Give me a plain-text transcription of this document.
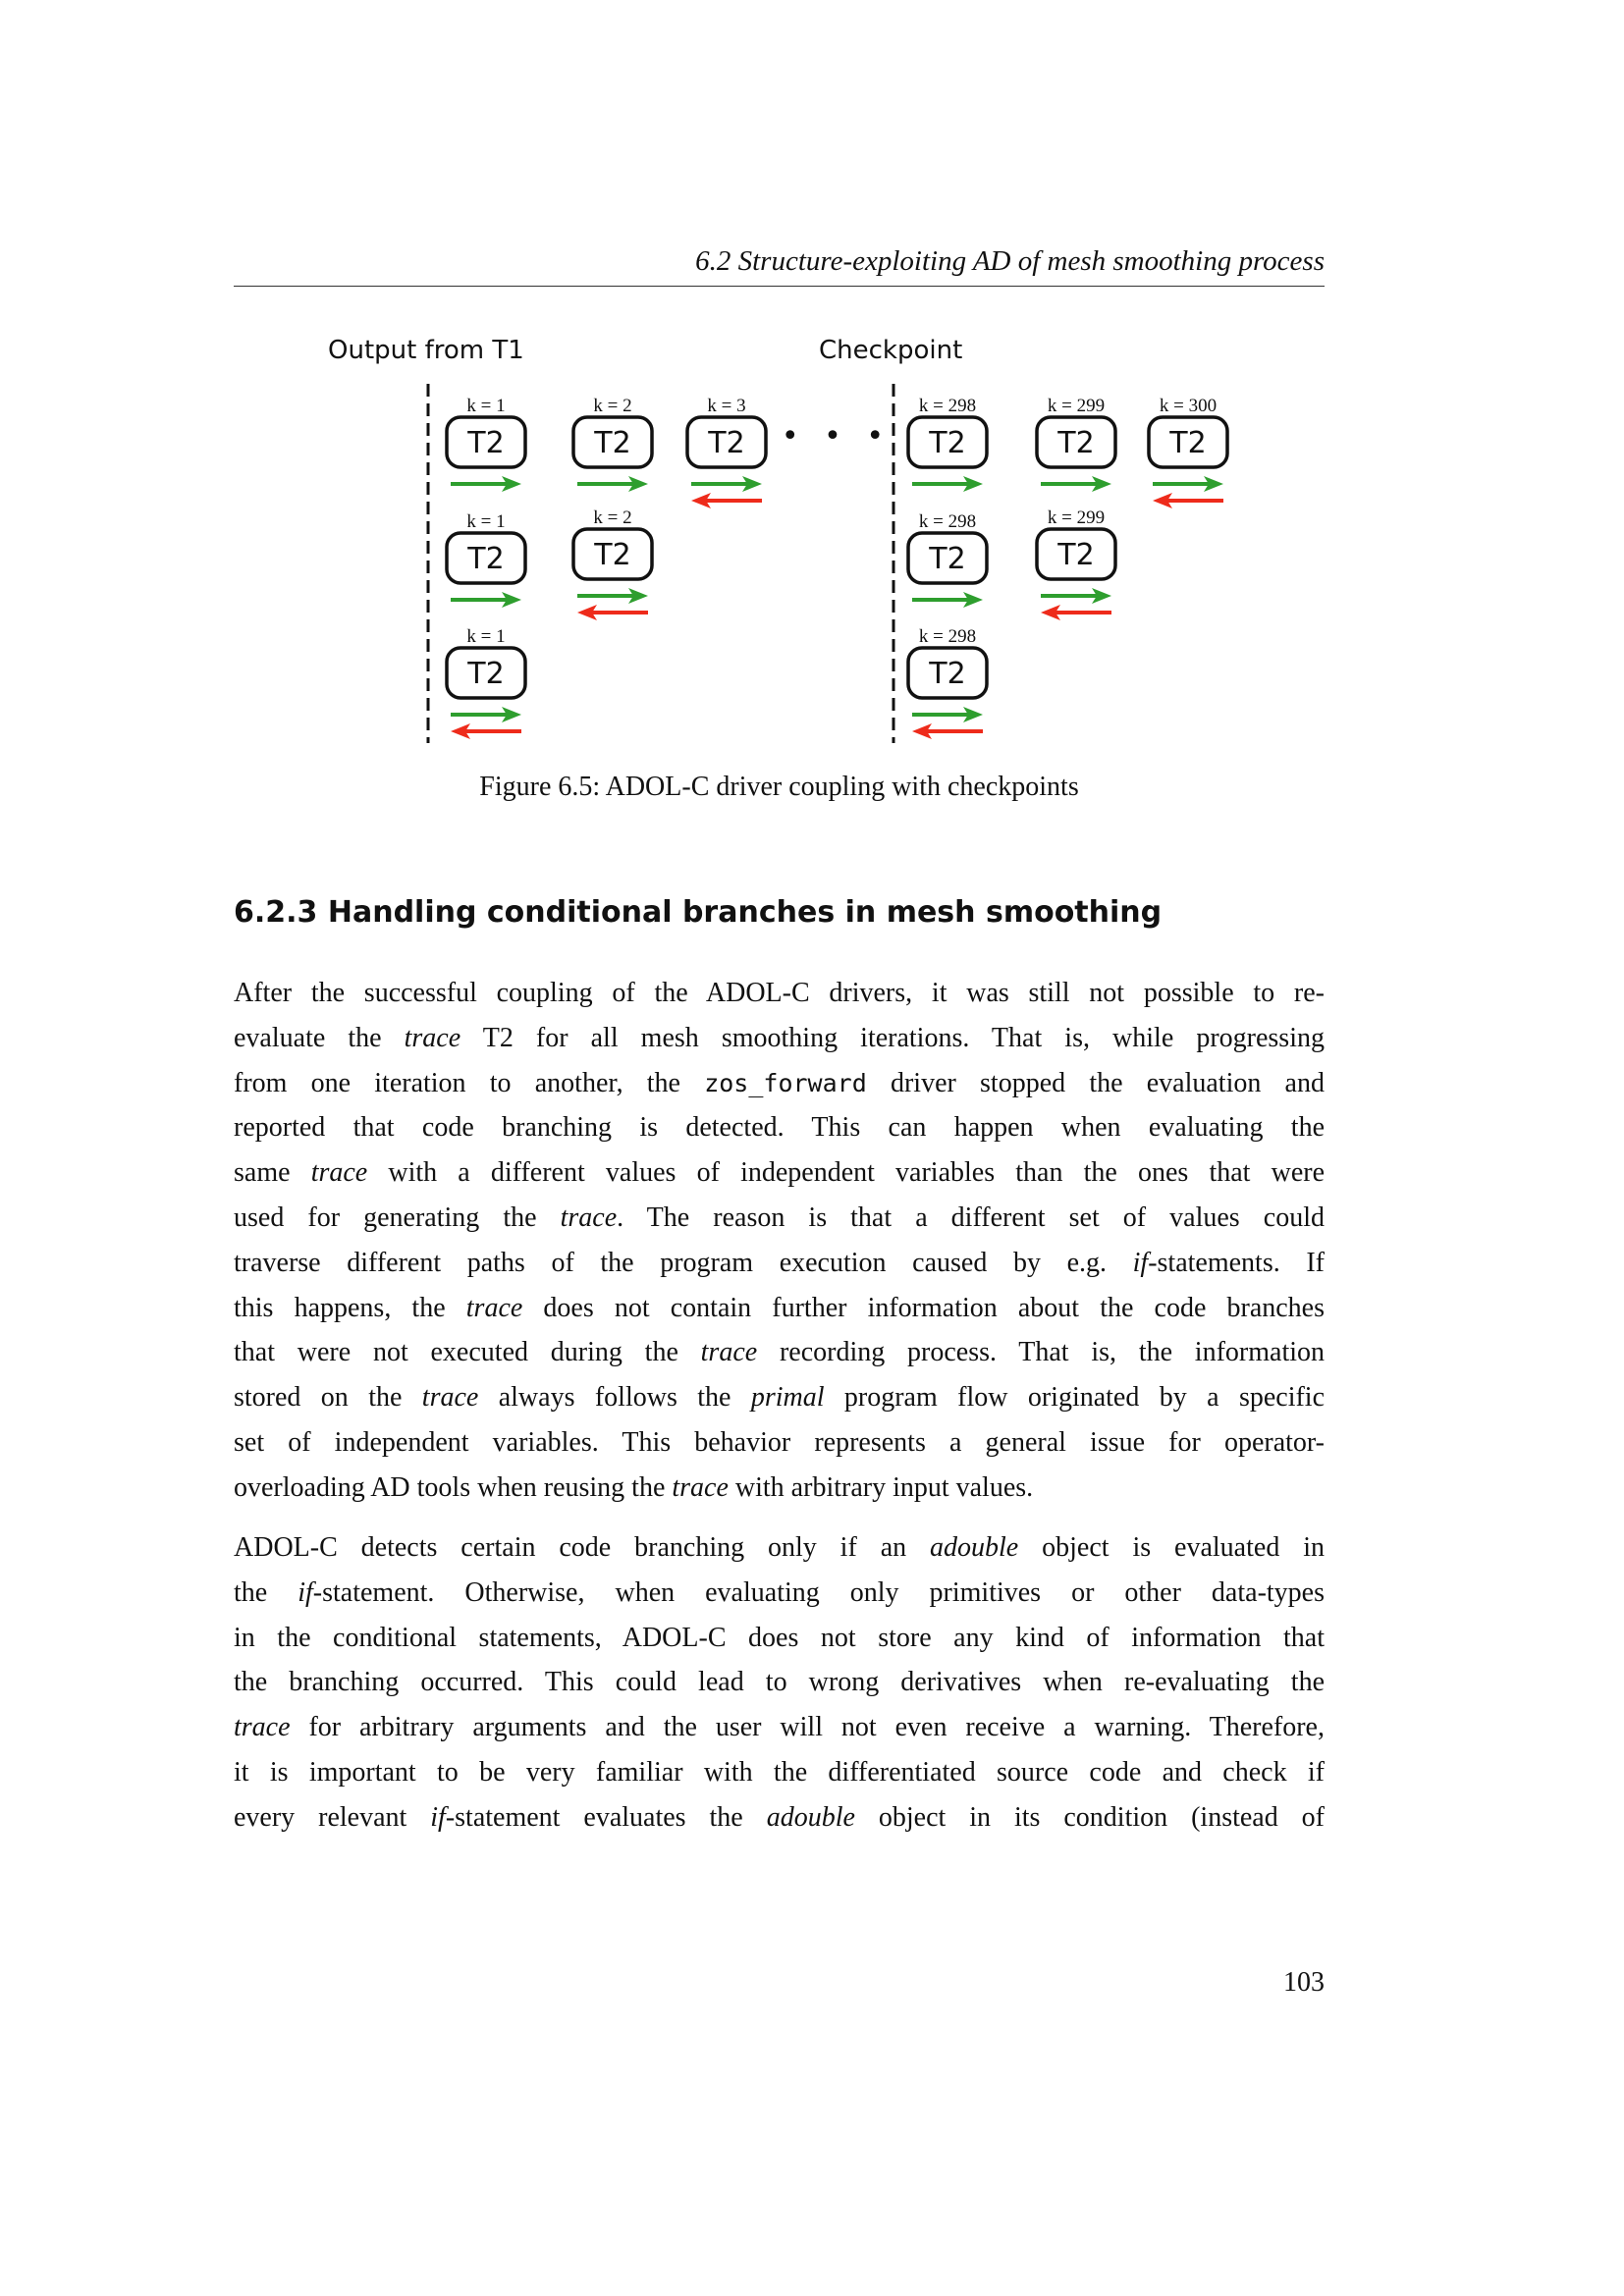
6.2 Structure-exploiting AD of mesh smoothing process
Output from T1	Checkpoint
• • •
k = 1
T2
k = 2
T2
k = 3
T2
k = 298
T2
k = 299
T2
k = 300
T2
k = 1
T2
k = 2
T2
k = 298
T2
k = 299
T2
k = 1
T2
k = 298
T2
Figure 6.5: ADOL-C driver coupling with checkpoints
6.2.3 Handling conditional branches in mesh smoothing
After the successful coupling of the ADOL-C drivers, it was still not possible to re-
evaluate the trace T2 for all mesh smoothing iterations. That is, while progressing
from one iteration to another, the zos_forward driver stopped the evaluation and
reported that code branching is detected. This can happen when evaluating the
same trace with a different values of independent variables than the ones that were
used for generating the trace. The reason is that a different set of values could
traverse different paths of the program execution caused by e.g. if-statements. If
this happens, the trace does not contain further information about the code branches
that were not executed during the trace recording process. That is, the information
stored on the trace always follows the primal program flow originated by a specific
set of independent variables. This behavior represents a general issue for operator-
overloading AD tools when reusing the trace with arbitrary input values.
ADOL-C detects certain code branching only if an adouble object is evaluated in
the if-statement. Otherwise, when evaluating only primitives or other data-types
in the conditional statements, ADOL-C does not store any kind of information that
the branching occurred. This could lead to wrong derivatives when re-evaluating the
trace for arbitrary arguments and the user will not even receive a warning. Therefore,
it is important to be very familiar with the differentiated source code and check if
every relevant if-statement evaluates the adouble object in its condition (instead of
103
